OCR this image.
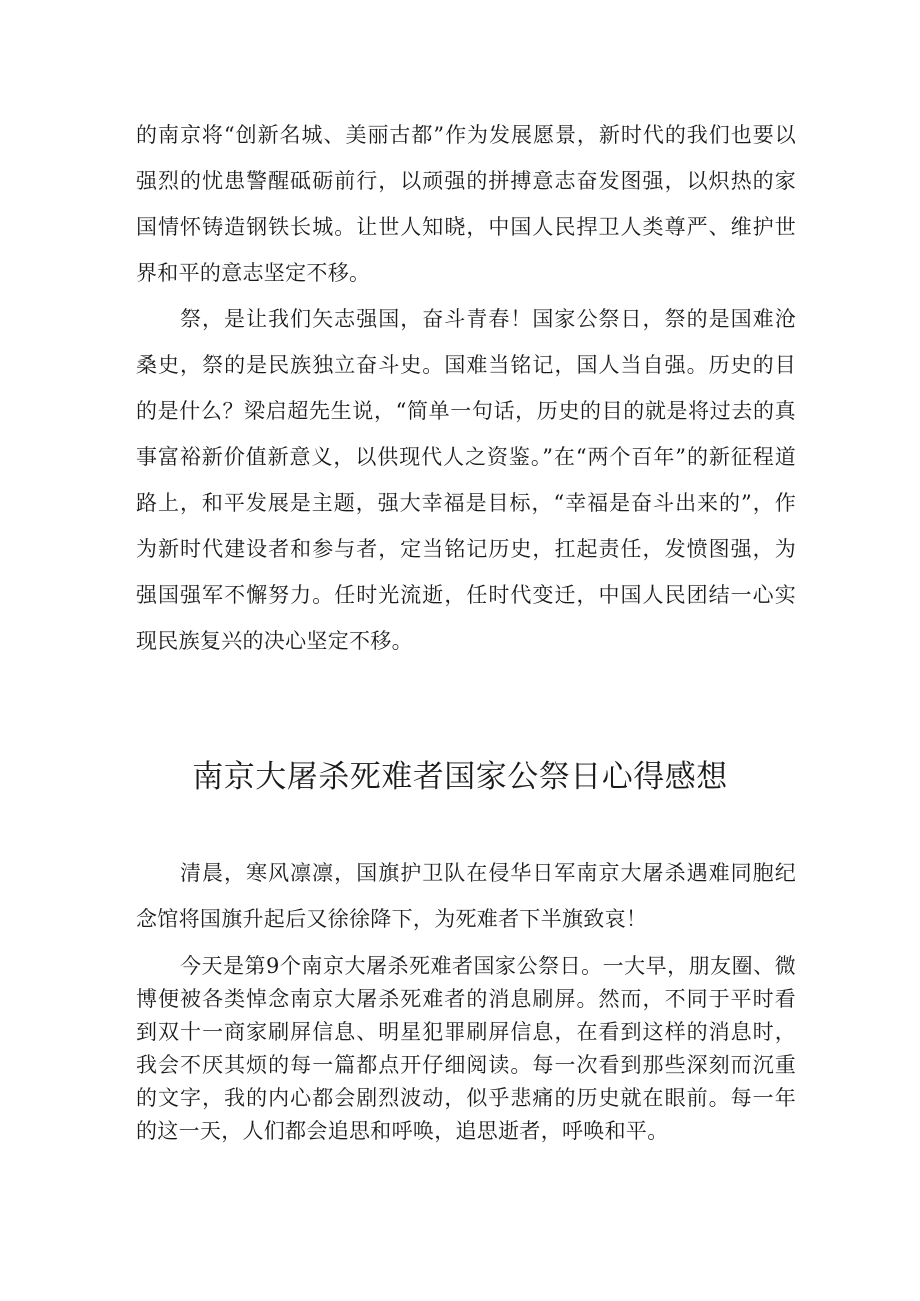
的南京将“创新名城、美丽古都”作为发展愿景，新时代的我们也要以强烈的忧患警醒砥砺前行，以顽强的拼搏意志奋发图强，以炽热的家国情怀铸造钢铁长城。让世人知晓，中国人民捍卫人类尊严、维护世界和平的意志坚定不移。

祭，是让我们矢志强国，奋斗青春！国家公祭日，祭的是国难沧桑史，祭的是民族独立奋斗史。国难当铭记，国人当自强。历史的目的是什么？梁启超先生说，“简单一句话，历史的目的就是将过去的真事富裕新价值新意义，以供现代人之资鉴。”在“两个百年”的新征程道路上，和平发展是主题，强大幸福是目标，“幸福是奋斗出来的”，作为新时代建设者和参与者，定当铭记历史，扛起责任，发愤图强，为强国强军不懈努力。任时光流逝，任时代变迁，中国人民团结一心实现民族复兴的决心坚定不移。

南京大屠杀死难者国家公祭日心得感想

清晨，寒风凛凛，国旗护卫队在侵华日军南京大屠杀遇难同胞纪念馆将国旗升起后又徐徐降下，为死难者下半旗致哀！

今天是第9个南京大屠杀死难者国家公祭日。一大早，朋友圈、微博便被各类悼念南京大屠杀死难者的消息刷屏。然而，不同于平时看到双十一商家刷屏信息、明星犯罪刷屏信息，在看到这样的消息时，我会不厌其烦的每一篇都点开仔细阅读。每一次看到那些深刻而沉重的文字，我的内心都会剧烈波动，似乎悲痛的历史就在眼前。每一年的这一天，人们都会追思和呼唤，追思逝者，呼唤和平。
